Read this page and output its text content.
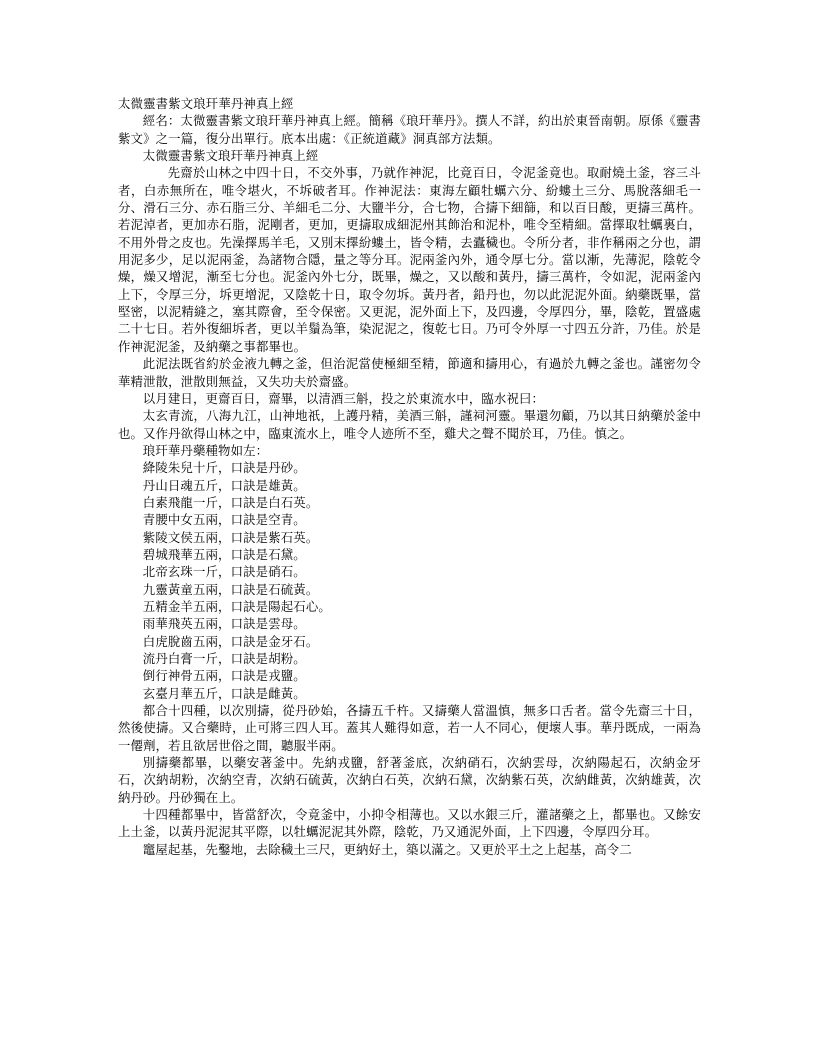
太微靈書紫文琅玕華丹神真上經

經名：太微靈書紫文琅玕華丹神真上經。簡稱《琅玕華丹》。撰人不詳，約出於東晉南朝。原係《靈書紫文》之一篇，復分出單行。底本出處：《正統道藏》洞真部方法類。

太微靈書紫文琅玕華丹神真上經

先齋於山林之中四十日，不交外事，乃就作神泥，比竟百日，令泥釜竟也。取耐燒土釜，容三斗者，白赤無所在，唯令堪火，不坼破者耳。作神泥法：東海左顧牡蠣六分、紛螻土三分、馬脫落細毛一分、滑石三分、赤石脂三分、羊細毛二分、大鹽半分，合七物，合擣下細篩，和以百日酸，更擣三萬杵。若泥淖者，更加赤石脂，泥剛者，更加，更擣取成細泥州其飾治和泥朴，唯令至精細。當擇取牡蠣裏白，不用外骨之皮也。先澡擇馬羊毛，又別末擇紛螻土，皆令精，去蠹穢也。令所分者，非作稱兩之分也，謂用泥多少，足以泥兩釜，為諸物合隱，量之等分耳。泥兩釜內外，通令厚七分。當以漸，先薄泥，陰乾令燥，燥又增泥，漸至七分也。泥釜內外七分，既畢，燥之，又以酸和黃丹，擣三萬杵，令如泥，泥兩釜內上下，令厚三分，坼更增泥，又陰乾十日，取令勿坼。黃丹者，鉛丹也，勿以此泥泥外面。納藥既畢，當堅密，以泥精縫之，塞其際會，至令保密。又更泥，泥外面上下，及四邊，令厚四分，畢，陰乾，置盛處二十七日。若外復細坼者，更以羊鬚為筆，染泥泥之，復乾七日。乃可令外厚一寸四五分許，乃佳。於是作神泥泥釜，及納藥之事都畢也。

此泥法既省約於金液九轉之釜，但治泥當使極細至精，節適和擣用心，有過於九轉之釜也。謹密勿令華精泄散，泄散則無益，又失功夫於齋盛。

以月建日，更齋百日，齋畢，以清酒三斛，投之於東流水中，臨水祝曰：

太玄青流，八海九江，山神地祇，上護丹精，美酒三斛，謹祠河靈。畢還勿顧，乃以其日納藥於釜中也。又作丹欲得山林之中，臨東流水上，唯令人迹所不至，雞犬之聲不聞於耳，乃佳。慎之。

琅玕華丹藥種物如左：

絳陵朱兒十斤，口訣是丹砂。

丹山日魂五斤，口訣是雄黃。

白素飛龍一斤，口訣是白石英。

青腰中女五兩，口訣是空青。

紫陵文侯五兩，口訣是紫石英。

碧城飛華五兩，口訣是石黛。

北帝玄珠一斤，口訣是硝石。

九靈黃童五兩，口訣是石硫黃。

五精金羊五兩，口訣是陽起石心。

雨華飛英五兩，口訣是雲母。

白虎脫齒五兩，口訣是金牙石。

流丹白膏一斤，口訣是胡粉。

倒行神骨五兩，口訣是戎鹽。

玄臺月華五斤，口訣是雌黃。

都合十四種，以次別擣，從丹砂始，各擣五千杵。又擣藥人當溫慎，無多口舌者。當令先齋三十日，然後使擣。又合藥時，止可將三四人耳。蓋其人難得如意，若一人不同心，便壞人事。華丹既成，一兩為一僊劑，若且欲居世俗之間，聽服半兩。

別擣藥都畢，以藥安著釜中。先納戎鹽，舒著釜底，次納硝石，次納雲母，次納陽起石，次納金牙石，次納胡粉，次納空青，次納石硫黃，次納白石英，次納石黛，次納紫石英，次納雌黃，次納雄黃，次納丹砂。丹砂獨在上。

十四種都畢中，皆當舒次，令竟釜中，小抑令相薄也。又以水銀三斤，灌諸藥之上，都畢也。又餘安上土釜，以黃丹泥泥其平際，以牡蠣泥泥其外際，陰乾，乃又通泥外面，上下四邊，令厚四分耳。

竈屋起基，先鑿地，去除穢土三尺，更納好土，築以滿之。又更於平土之上起基，高令二
